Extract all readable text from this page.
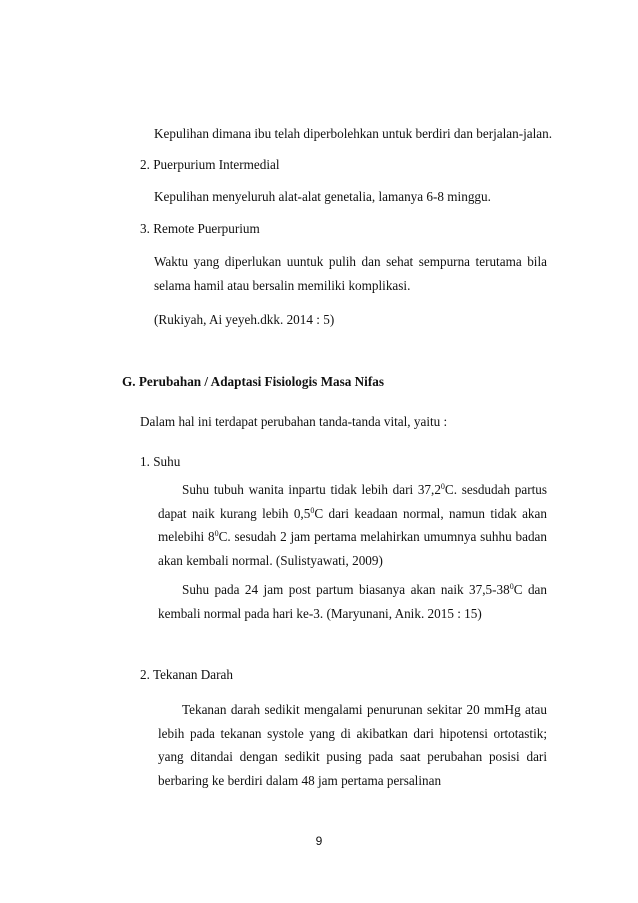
Kepulihan dimana ibu telah diperbolehkan untuk berdiri dan berjalan-jalan.
2. Puerpurium Intermedial
Kepulihan menyeluruh alat-alat genetalia, lamanya 6-8 minggu.
3. Remote Puerpurium

Waktu yang diperlukan uuntuk pulih dan sehat sempurna terutama bila selama hamil atau bersalin memiliki komplikasi.

(Rukiyah, Ai yeyeh.dkk. 2014 : 5)
G. Perubahan / Adaptasi Fisiologis Masa Nifas
Dalam hal ini terdapat perubahan tanda-tanda vital, yaitu :
1. Suhu

Suhu tubuh wanita inpartu tidak lebih dari 37,2$^0$C. sesdudah partus dapat naik kurang lebih $0,5^0C$ dari keadaan normal, namun tidak akan melebihi $8^0C$. sesudah 2 jam pertama melahirkan umumnya suhhu badan akan kembali normal. (Sulistyawati, 2009)

Suhu pada 24 jam post partum biasanya akan naik $37,5-38^0C$ dan kembali normal pada hari ke-3. (Maryunani, Anik. 2015 : 15)

2. Tekanan Darah

Tekanan darah sedikit mengalami penurunan sekitar 20 mmHg atau lebih pada tekanan systole yang di akibatkan dari hipotensi ortotastik; yang ditandai dengan sedikit pusing pada saat perubahan posisi dari berbaring ke berdiri dalam 48 jam pertama persalinan

9
